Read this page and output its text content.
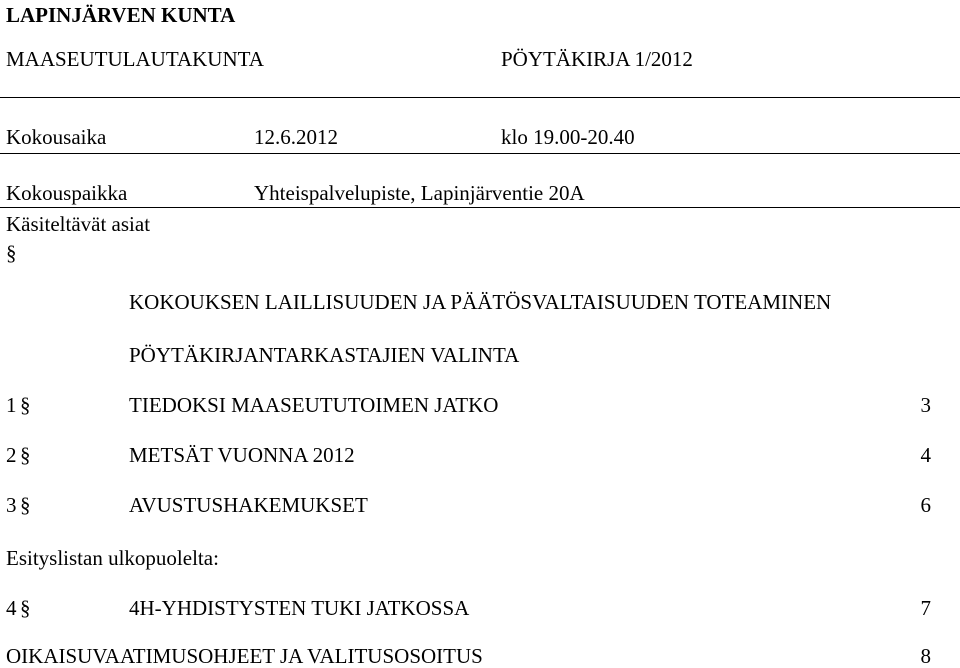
LAPINJÄRVEN KUNTA
MAASEUTULAUTAKUNTA	PÖYTÄKIRJA 1/2012
Kokousaika	12.6.2012	klo 19.00-20.40
Kokouspaikka	Yhteispalvelupiste, Lapinjärventie 20A
Käsiteltävät asiat
§
KOKOUKSEN LAILLISUUDEN JA PÄÄTÖSVALTAISUUDEN TOTEAMINEN
PÖYTÄKIRJANTARKASTAJIEN VALINTA
1 §	TIEDOKSI MAASEUTUTOIMEN JATKO	3
2 §	METSÄT VUONNA 2012	4
3 §	AVUSTUSHAKEMUKSET	6
Esityslistan ulkopuolelta:
4 §	4H-YHDISTYSTEN TUKI JATKOSSA	7
OIKAISUVAATIMUSOHJEET JA VALITUSOSOITUS	8
